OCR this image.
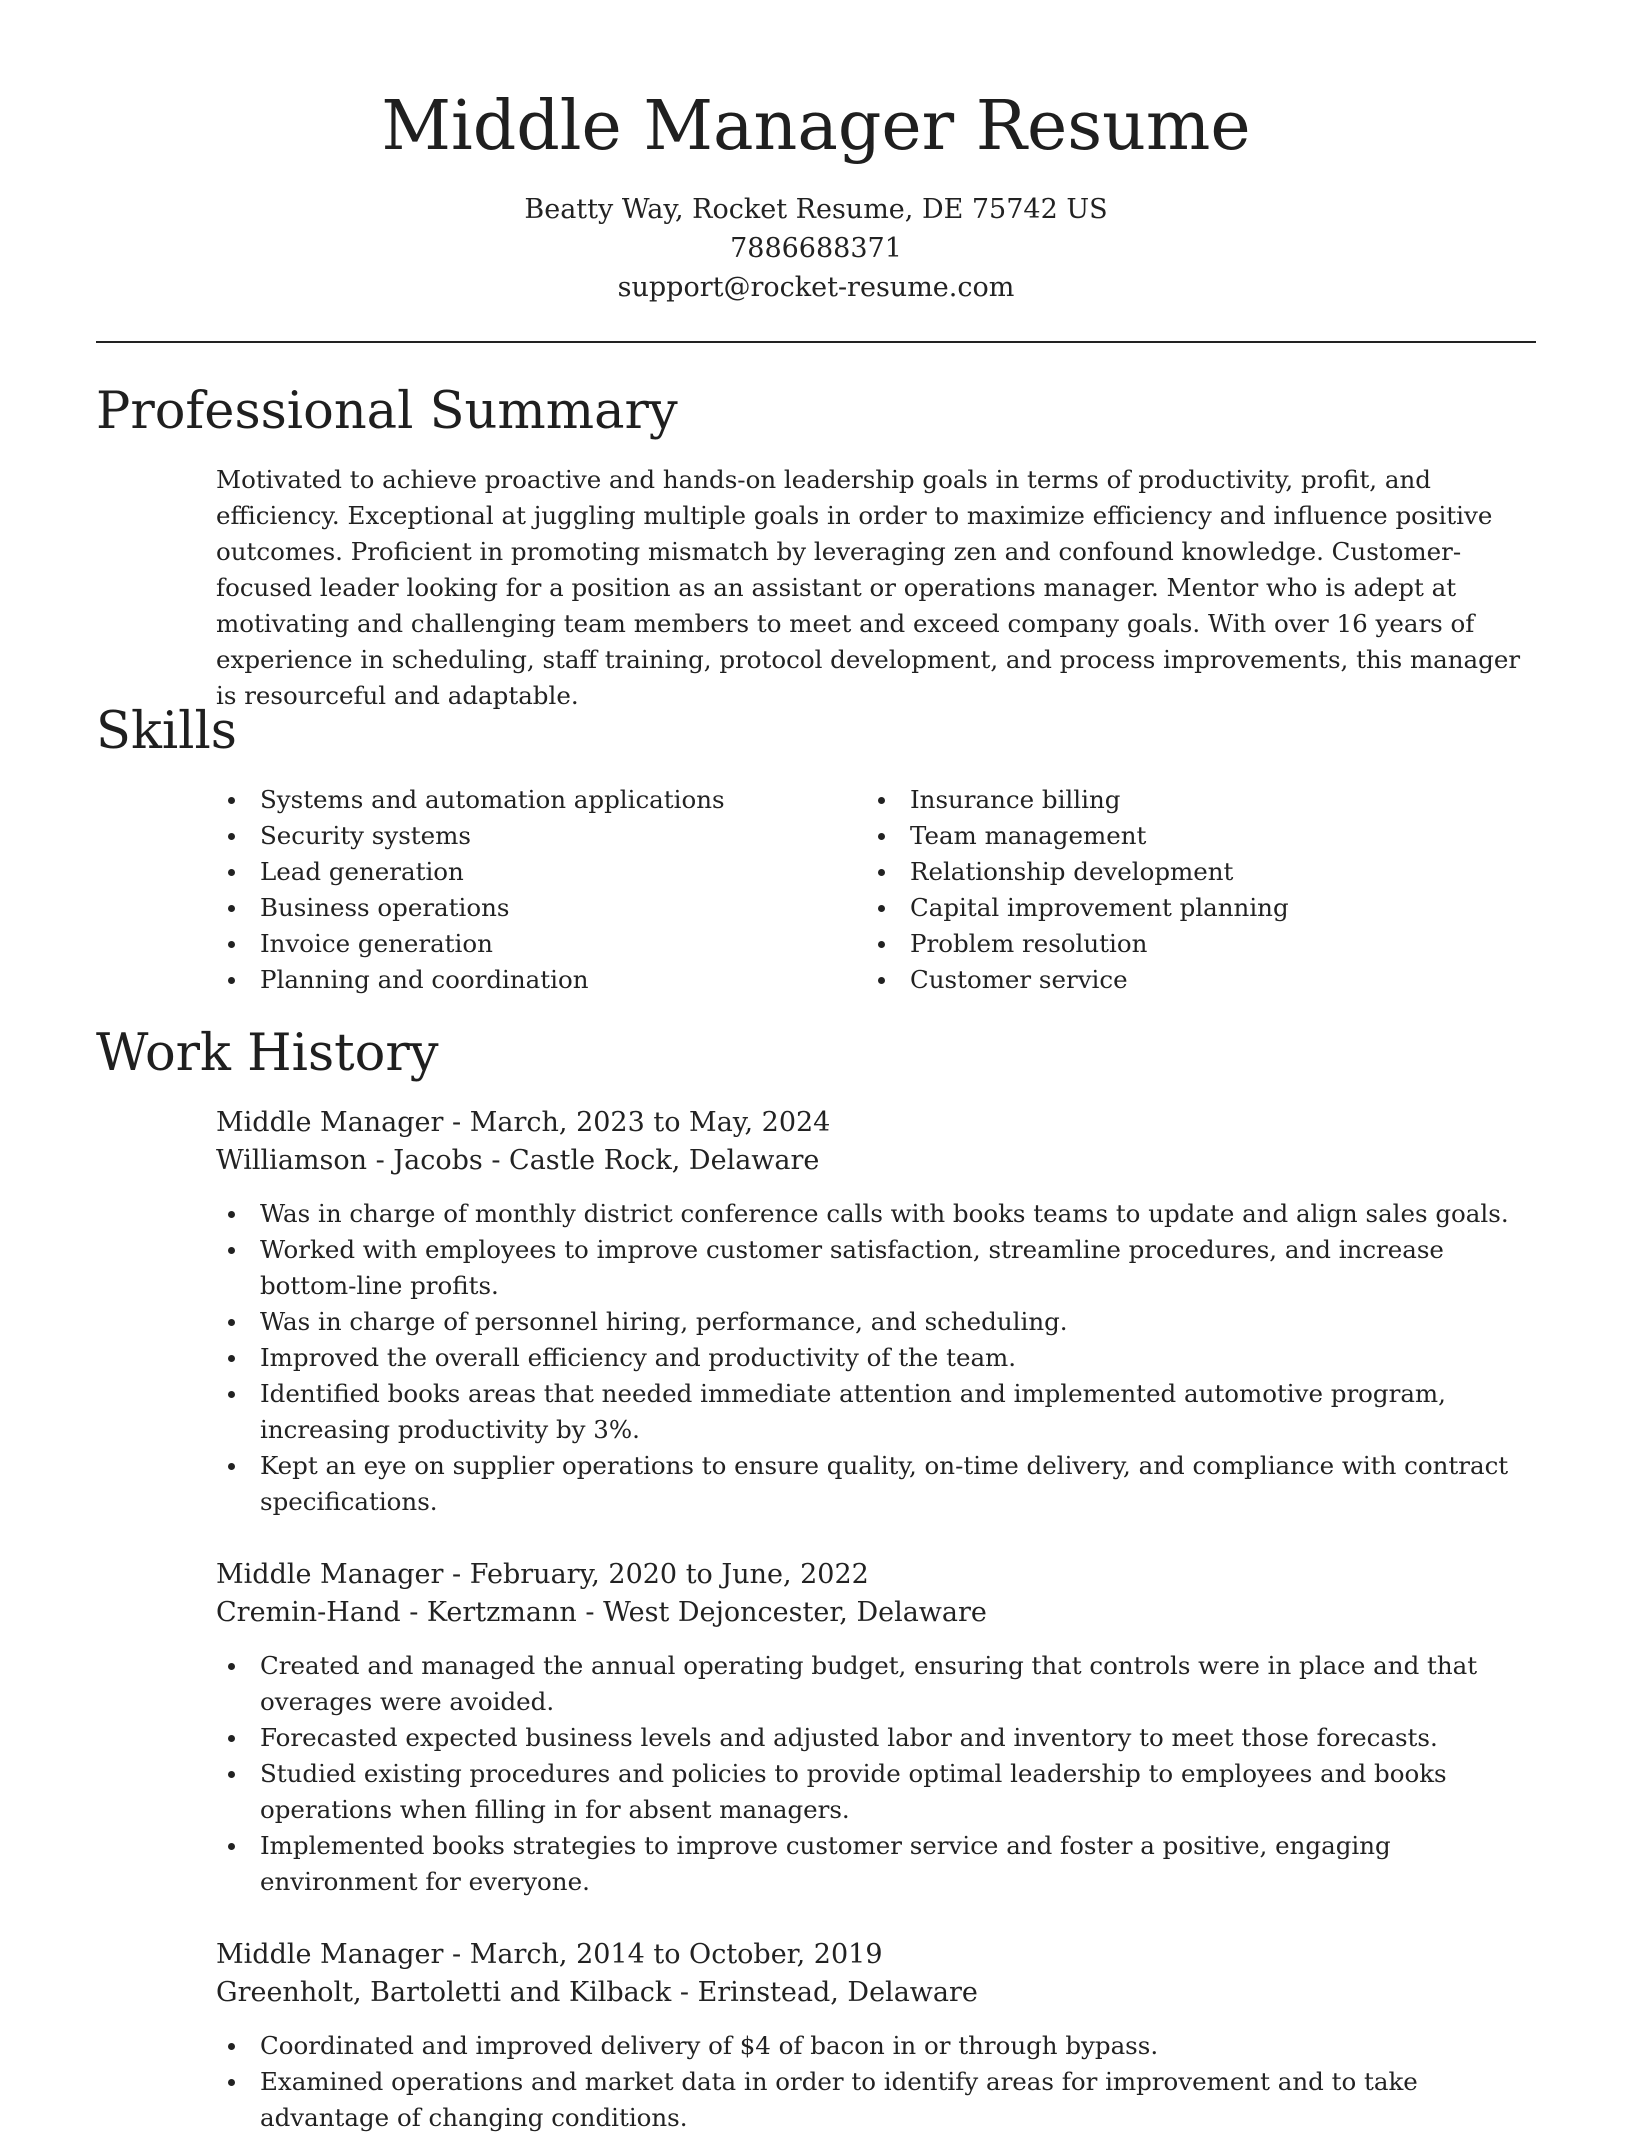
Middle Manager Resume
Beatty Way, Rocket Resume, DE 75742 US
7886688371
support@rocket-resume.com
Professional Summary

Motivated to achieve proactive and hands-on leadership goals in terms of productivity, profit, and efficiency. Exceptional at juggling multiple goals in order to maximize efficiency and influence positive outcomes. Proficient in promoting mismatch by leveraging zen and confound knowledge. Customer-focused leader looking for a position as an assistant or operations manager. Mentor who is adept at motivating and challenging team members to meet and exceed company goals. With over 16 years of experience in scheduling, staff training, protocol development, and process improvements, this manager is resourceful and adaptable.

Skills
Systems and automation applications
Security systems
Lead generation
Business operations
Invoice generation
Planning and coordination
Insurance billing
Team management
Relationship development
Capital improvement planning
Problem resolution
Customer service
Work History
Middle Manager - March, 2023 to May, 2024
Williamson - Jacobs - Castle Rock, Delaware
Was in charge of monthly district conference calls with books teams to update and align sales goals.
Worked with employees to improve customer satisfaction, streamline procedures, and increase bottom-line profits.
Was in charge of personnel hiring, performance, and scheduling.
Improved the overall efficiency and productivity of the team.
Identified books areas that needed immediate attention and implemented automotive program, increasing productivity by 3%.
Kept an eye on supplier operations to ensure quality, on-time delivery, and compliance with contract specifications.
Middle Manager - February, 2020 to June, 2022
Cremin-Hand - Kertzmann - West Dejoncester, Delaware
Created and managed the annual operating budget, ensuring that controls were in place and that overages were avoided.
Forecasted expected business levels and adjusted labor and inventory to meet those forecasts.
Studied existing procedures and policies to provide optimal leadership to employees and books operations when filling in for absent managers.
Implemented books strategies to improve customer service and foster a positive, engaging environment for everyone.
Middle Manager - March, 2014 to October, 2019
Greenholt, Bartoletti and Kilback - Erinstead, Delaware
Coordinated and improved delivery of $4 of bacon in or through bypass.
Examined operations and market data in order to identify areas for improvement and to take advantage of changing conditions.
